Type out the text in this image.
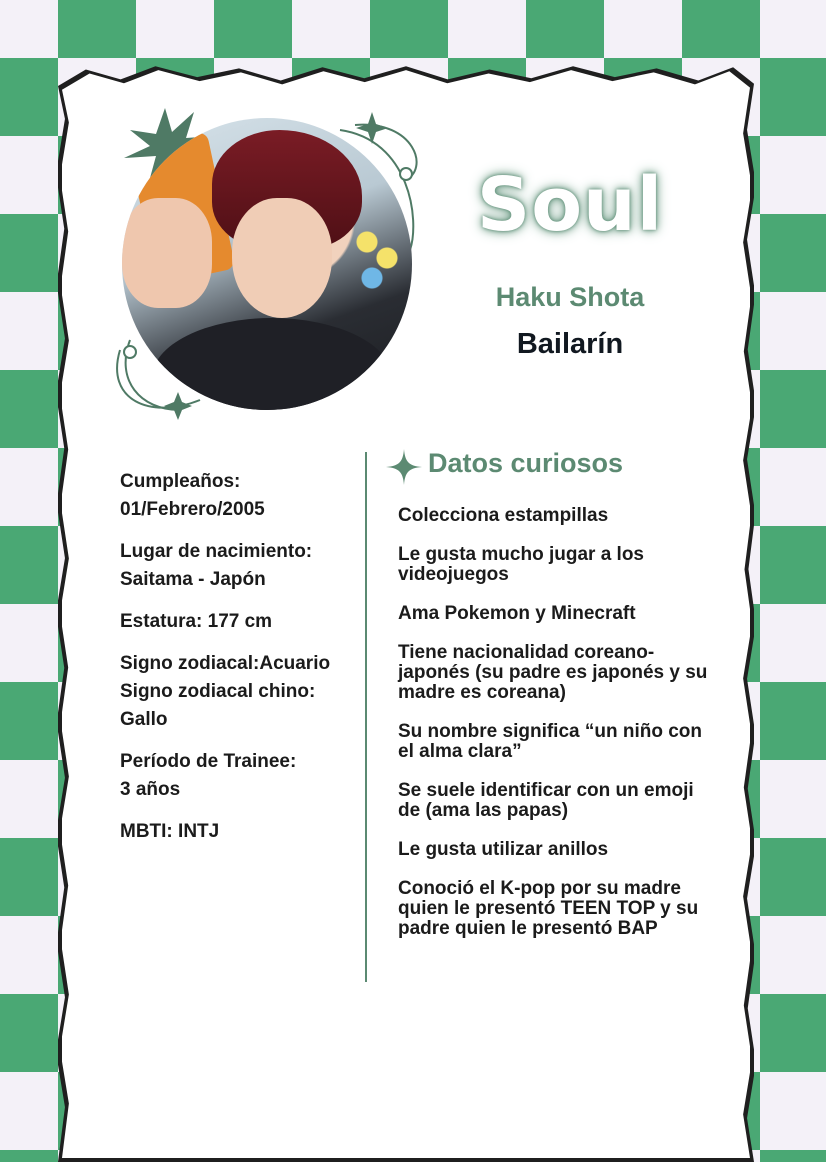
Soul
Haku Shota
Bailarín
Cumpleaños:
01/Febrero/2005
Lugar de nacimiento:
Saitama - Japón
Estatura: 177 cm
Signo zodiacal:Acuario
Signo zodiacal chino:
Gallo
Período de Trainee:
3 años
MBTI: INTJ
Datos curiosos
Colecciona estampillas
Le gusta mucho jugar a los videojuegos
Ama Pokemon y Minecraft
Tiene nacionalidad coreano-japonés (su padre es japonés y su madre es coreana)
Su nombre significa “un niño con el alma clara”
Se suele identificar con un emoji de (ama las papas)
Le gusta utilizar anillos
Conoció el K-pop por su madre quien le presentó TEEN TOP y su padre quien le presentó BAP
